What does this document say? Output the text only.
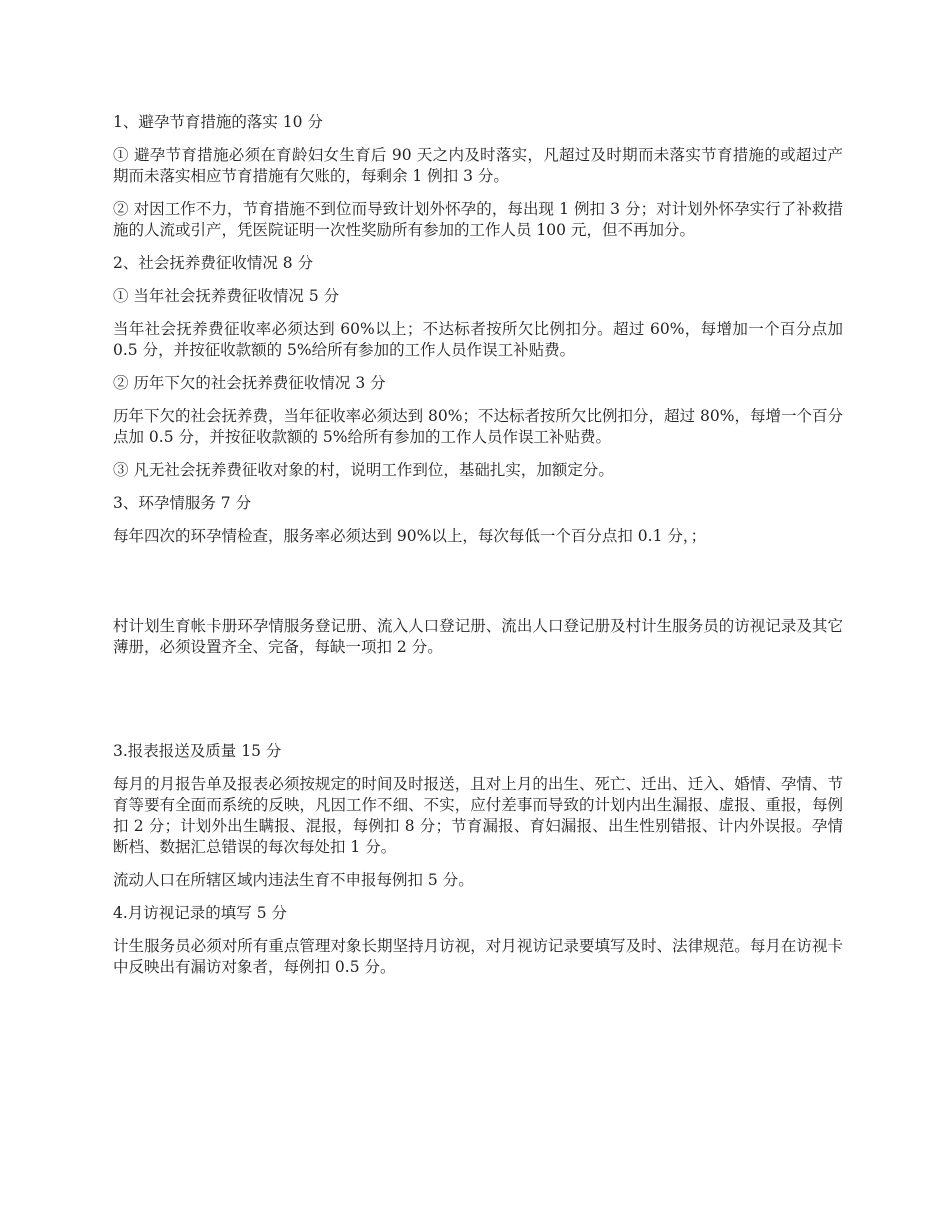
1、避孕节育措施的落实 10 分

① 避孕节育措施必须在育龄妇女生育后 90 天之内及时落实，凡超过及时期而未落实节育措施的或超过产期而未落实相应节育措施有欠账的，每剩余 1 例扣 3 分。

② 对因工作不力，节育措施不到位而导致计划外怀孕的，每出现 1 例扣 3 分；对计划外怀孕实行了补救措施的人流或引产，凭医院证明一次性奖励所有参加的工作人员 100 元，但不再加分。

2、社会抚养费征收情况 8 分

① 当年社会抚养费征收情况 5 分

当年社会抚养费征收率必须达到 60%以上；不达标者按所欠比例扣分。超过 60%，每增加一个百分点加 0.5 分，并按征收款额的 5%给所有参加的工作人员作误工补贴费。

② 历年下欠的社会抚养费征收情况 3 分

历年下欠的社会抚养费，当年征收率必须达到 80%；不达标者按所欠比例扣分，超过 80%，每增一个百分点加 0.5 分，并按征收款额的 5%给所有参加的工作人员作误工补贴费。

③ 凡无社会抚养费征收对象的村，说明工作到位，基础扎实，加额定分。

3、环孕情服务 7 分

每年四次的环孕情检查，服务率必须达到 90%以上，每次每低一个百分点扣 0.1 分，；

村计划生育帐卡册环孕情服务登记册、流入人口登记册、流出人口登记册及村计生服务员的访视记录及其它薄册，必须设置齐全、完备，每缺一项扣 2 分。

3.报表报送及质量 15 分

每月的月报告单及报表必须按规定的时间及时报送，且对上月的出生、死亡、迁出、迁入、婚情、孕情、节育等要有全面而系统的反映，凡因工作不细、不实，应付差事而导致的计划内出生漏报、虚报、重报，每例扣 2 分；计划外出生瞒报、混报，每例扣 8 分；节育漏报、育妇漏报、出生性别错报、计内外误报。孕情断档、数据汇总错误的每次每处扣 1 分。

流动人口在所辖区域内违法生育不申报每例扣 5 分。

4.月访视记录的填写 5 分

计生服务员必须对所有重点管理对象长期坚持月访视，对月视访记录要填写及时、法律规范。每月在访视卡中反映出有漏访对象者，每例扣 0.5 分。
